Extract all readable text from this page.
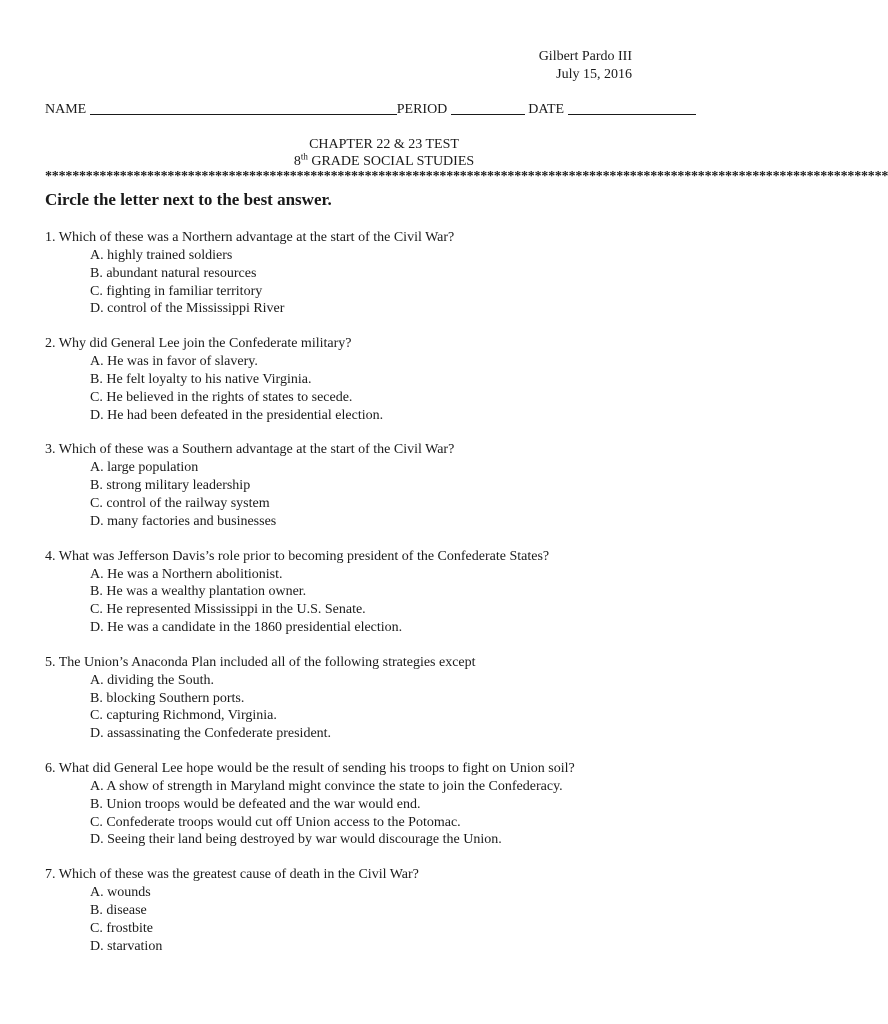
Gilbert Pardo III
July 15, 2016
NAME	PERIOD	DATE
CHAPTER 22 & 23 TEST
8th GRADE SOCIAL STUDIES
****************************************************************************************************************************
Circle the letter next to the best answer.
1. Which of these was a Northern advantage at the start of the Civil War?
A. highly trained soldiers
B. abundant natural resources
C. fighting in familiar territory
D. control of the Mississippi River
2. Why did General Lee join the Confederate military?
A. He was in favor of slavery.
B. He felt loyalty to his native Virginia.
C. He believed in the rights of states to secede.
D. He had been defeated in the presidential election.
3. Which of these was a Southern advantage at the start of the Civil War?
A. large population
B. strong military leadership
C. control of the railway system
D. many factories and businesses
4. What was Jefferson Davis’s role prior to becoming president of the Confederate States?
A. He was a Northern abolitionist.
B. He was a wealthy plantation owner.
C. He represented Mississippi in the U.S. Senate.
D. He was a candidate in the 1860 presidential election.
5. The Union’s Anaconda Plan included all of the following strategies except
A. dividing the South.
B. blocking Southern ports.
C. capturing Richmond, Virginia.
D. assassinating the Confederate president.
6. What did General Lee hope would be the result of sending his troops to fight on Union soil?
A. A show of strength in Maryland might convince the state to join the Confederacy.
B. Union troops would be defeated and the war would end.
C. Confederate troops would cut off Union access to the Potomac.
D. Seeing their land being destroyed by war would discourage the Union.
7. Which of these was the greatest cause of death in the Civil War?
A. wounds
B. disease
C. frostbite
D. starvation
